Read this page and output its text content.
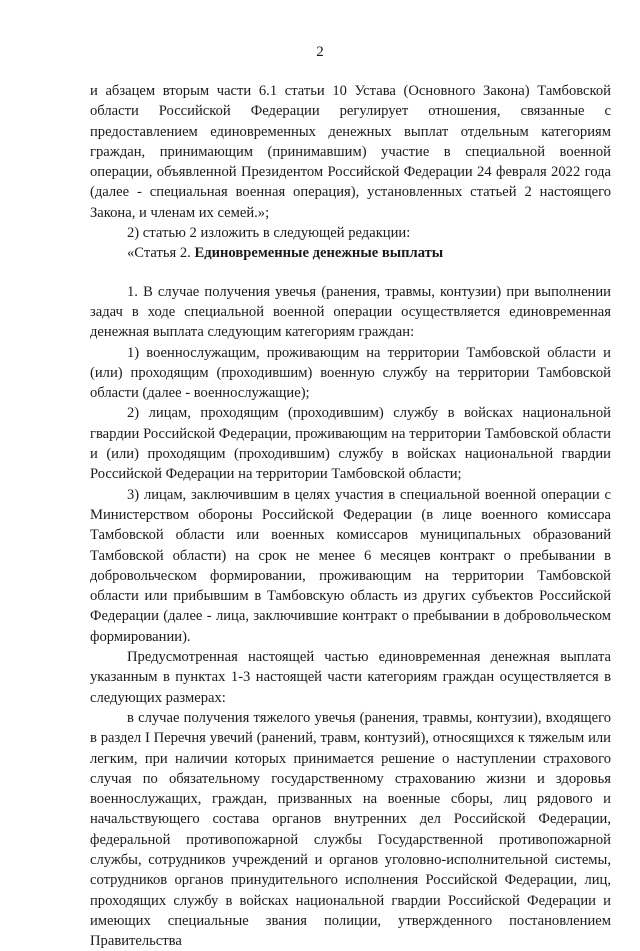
2

и абзацем вторым части 6.1 статьи 10 Устава (Основного Закона) Тамбовской области Российской Федерации регулирует отношения, связанные с предоставлением единовременных денежных выплат отдельным категориям граждан, принимающим (принимавшим) участие в специальной военной операции, объявленной Президентом Российской Федерации 24 февраля 2022 года (далее - специальная военная операция), установленных статьей 2 настоящего Закона, и членам их семей.»;

2) статью 2 изложить в следующей редакции:

«Статья 2. Единовременные денежные выплаты

1. В случае получения увечья (ранения, травмы, контузии) при выполнении задач в ходе специальной военной операции осуществляется единовременная денежная выплата следующим категориям граждан:

1) военнослужащим, проживающим на территории Тамбовской области и (или) проходящим (проходившим) военную службу на территории Тамбовской области (далее - военнослужащие);

2) лицам, проходящим (проходившим) службу в войсках национальной гвардии Российской Федерации, проживающим на территории Тамбовской области и (или) проходящим (проходившим) службу в войсках национальной гвардии Российской Федерации на территории Тамбовской области;

3) лицам, заключившим в целях участия в специальной военной операции с Министерством обороны Российской Федерации (в лице военного комиссара Тамбовской области или военных комиссаров муниципальных образований Тамбовской области) на срок не менее 6 месяцев контракт о пребывании в добровольческом формировании, проживающим на территории Тамбовской области или прибывшим в Тамбовскую область из других субъектов Российской Федерации (далее - лица, заключившие контракт о пребывании в добровольческом формировании).

Предусмотренная настоящей частью единовременная денежная выплата указанным в пунктах 1-3 настоящей части категориям граждан осуществляется в следующих размерах:

в случае получения тяжелого увечья (ранения, травмы, контузии), входящего в раздел I Перечня увечий (ранений, травм, контузий), относящихся к тяжелым или легким, при наличии которых принимается решение о наступлении страхового случая по обязательному государственному страхованию жизни и здоровья военнослужащих, граждан, призванных на военные сборы, лиц рядового и начальствующего состава органов внутренних дел Российской Федерации, федеральной противопожарной службы Государственной противопожарной службы, сотрудников учреждений и органов уголовно-исполнительной системы, сотрудников органов принудительного исполнения Российской Федерации, лиц, проходящих службу в войсках национальной гвардии Российской Федерации и имеющих специальные звания полиции, утвержденного постановлением Правительства
